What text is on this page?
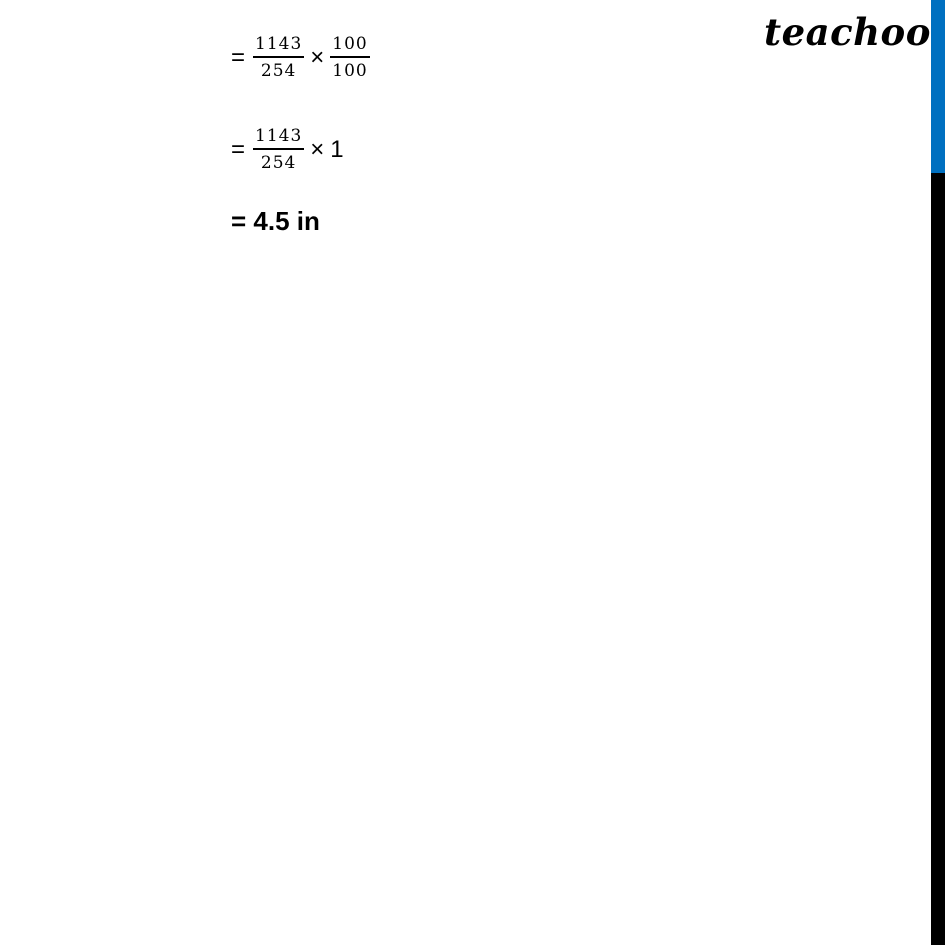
teachoo
= $\frac{1143}{254} \times \frac{100}{100}$
= $\frac{1143}{254} \times 1$
= 4.5 in
